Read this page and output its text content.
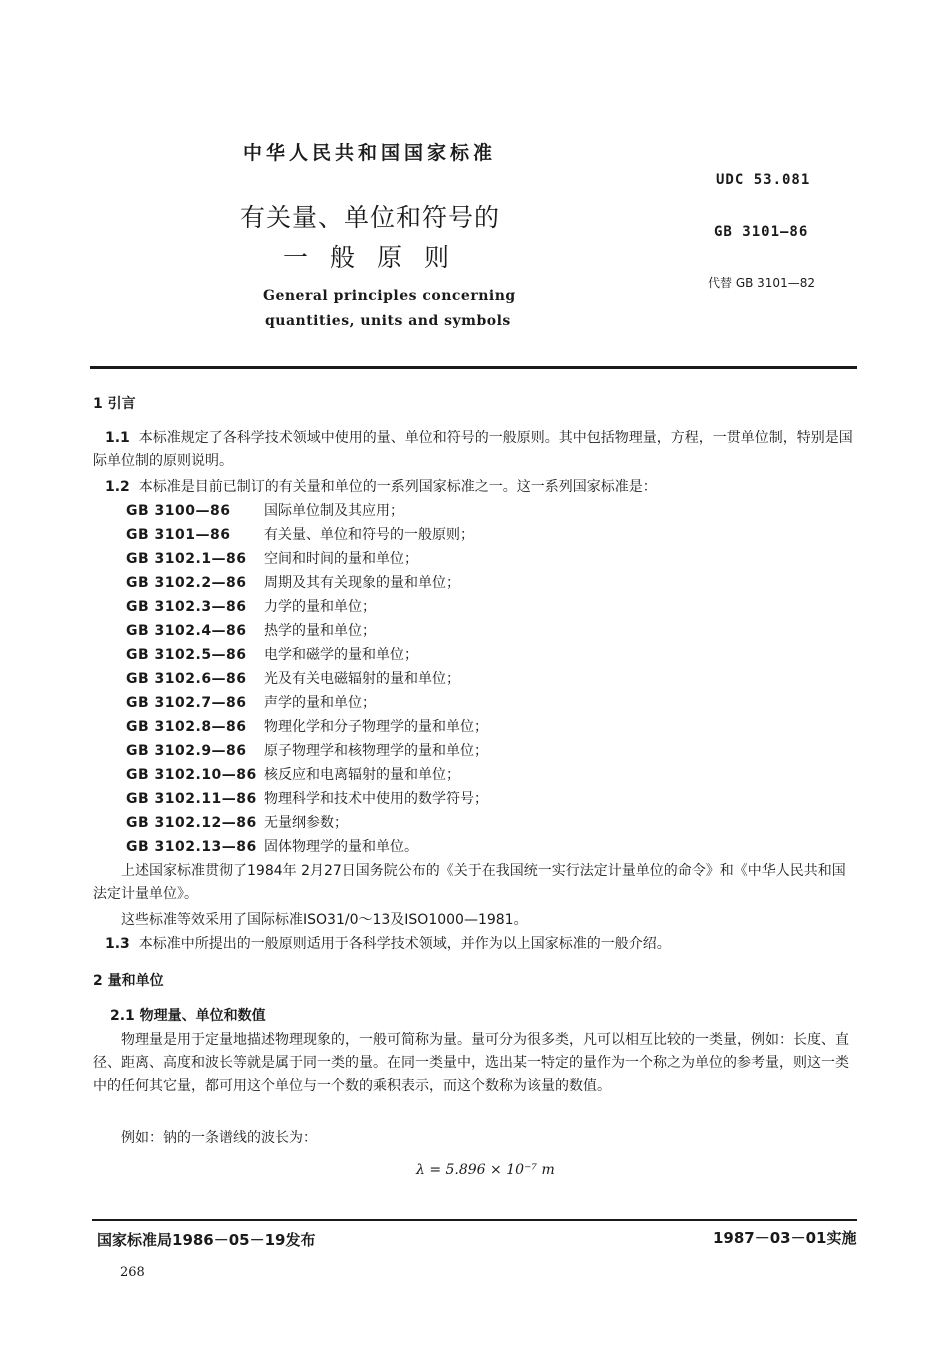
中华人民共和国国家标准
有关量、单位和符号的
一般原则
General principles concerning
quantities, units and symbols
UDC 53.081
GB 3101—86
代替 GB 3101—82
1 引言
1.1 本标准规定了各科学技术领域中使用的量、单位和符号的一般原则。其中包括物理量，方程，一贯单位制，特别是国际单位制的原则说明。
1.2 本标准是目前已制订的有关量和单位的一系列国家标准之一。这一系列国家标准是：
GB 3100—86 国际单位制及其应用；
GB 3101—86 有关量、单位和符号的一般原则；
GB 3102.1—86 空间和时间的量和单位；
GB 3102.2—86 周期及其有关现象的量和单位；
GB 3102.3—86 力学的量和单位；
GB 3102.4—86 热学的量和单位；
GB 3102.5—86 电学和磁学的量和单位；
GB 3102.6—86 光及有关电磁辐射的量和单位；
GB 3102.7—86 声学的量和单位；
GB 3102.8—86 物理化学和分子物理学的量和单位；
GB 3102.9—86 原子物理学和核物理学的量和单位；
GB 3102.10—86 核反应和电离辐射的量和单位；
GB 3102.11—86 物理科学和技术中使用的数学符号；
GB 3102.12—86 无量纲参数；
GB 3102.13—86 固体物理学的量和单位。
上述国家标准贯彻了1984年 2月27日国务院公布的《关于在我国统一实行法定计量单位的命令》和《中华人民共和国法定计量单位》。
这些标准等效采用了国际标准ISO31/0～13及ISO1000—1981。
1.3 本标准中所提出的一般原则适用于各科学技术领域，并作为以上国家标准的一般介绍。
2 量和单位
2.1 物理量、单位和数值
物理量是用于定量地描述物理现象的，一般可简称为量。量可分为很多类，凡可以相互比较的一类量，例如：长度、直径、距离、高度和波长等就是属于同一类的量。在同一类量中，选出某一特定的量作为一个称之为单位的参考量，则这一类中的任何其它量，都可用这个单位与一个数的乘积表示，而这个数称为该量的数值。
例如：钠的一条谱线的波长为：
λ = 5.896 × 10⁻⁷ m
国家标准局1986－05－19发布	1987－03－01实施
268
